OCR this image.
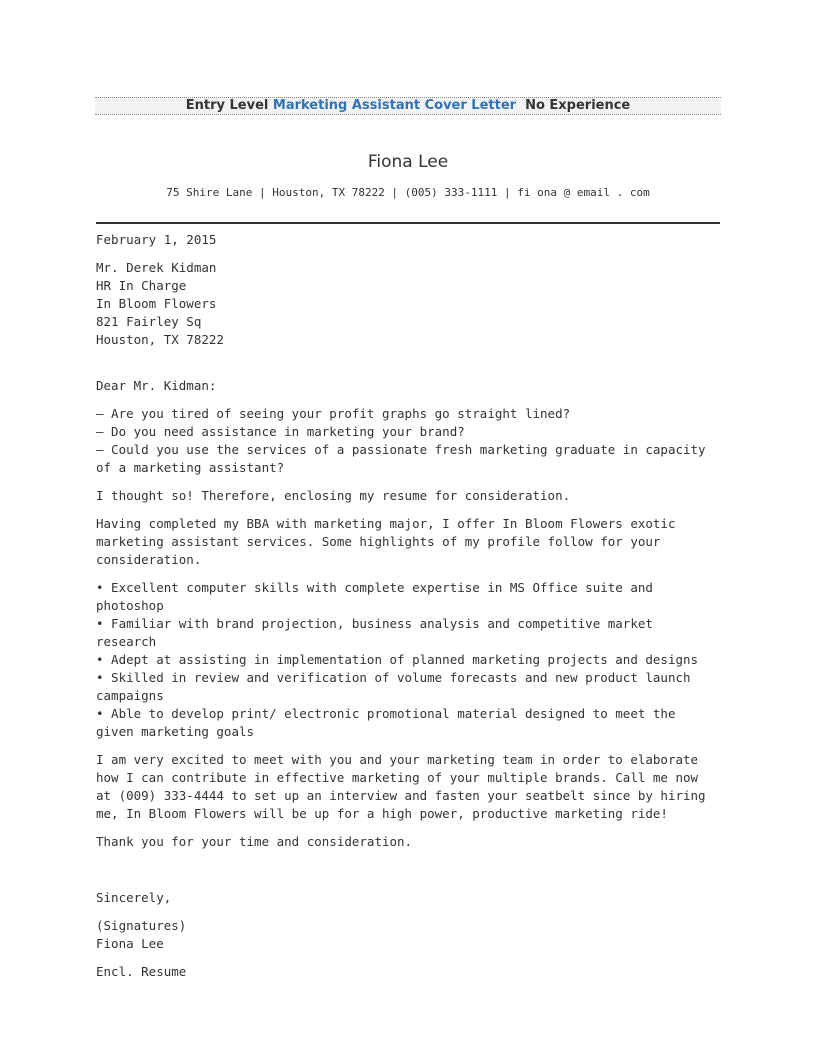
Entry Level Marketing Assistant Cover Letter No Experience
Fiona Lee
75 Shire Lane | Houston, TX 78222 | (005) 333-1111 | fi ona @ email . com

February 1, 2015

Mr. Derek Kidman
HR In Charge
In Bloom Flowers
821 Fairley Sq
Houston, TX 78222

Dear Mr. Kidman:

– Are you tired of seeing your profit graphs go straight lined?
– Do you need assistance in marketing your brand?
– Could you use the services of a passionate fresh marketing graduate in capacity of a marketing assistant?

I thought so! Therefore, enclosing my resume for consideration.

Having completed my BBA with marketing major, I offer In Bloom Flowers exotic marketing assistant services. Some highlights of my profile follow for your consideration.

• Excellent computer skills with complete expertise in MS Office suite and photoshop
• Familiar with brand projection, business analysis and competitive market research
• Adept at assisting in implementation of planned marketing projects and designs
• Skilled in review and verification of volume forecasts and new product launch campaigns
• Able to develop print/ electronic promotional material designed to meet the given marketing goals

I am very excited to meet with you and your marketing team in order to elaborate how I can contribute in effective marketing of your multiple brands. Call me now at (009) 333-4444 to set up an interview and fasten your seatbelt since by hiring me, In Bloom Flowers will be up for a high power, productive marketing ride!

Thank you for your time and consideration.

Sincerely,

(Signatures)
Fiona Lee

Encl. Resume
